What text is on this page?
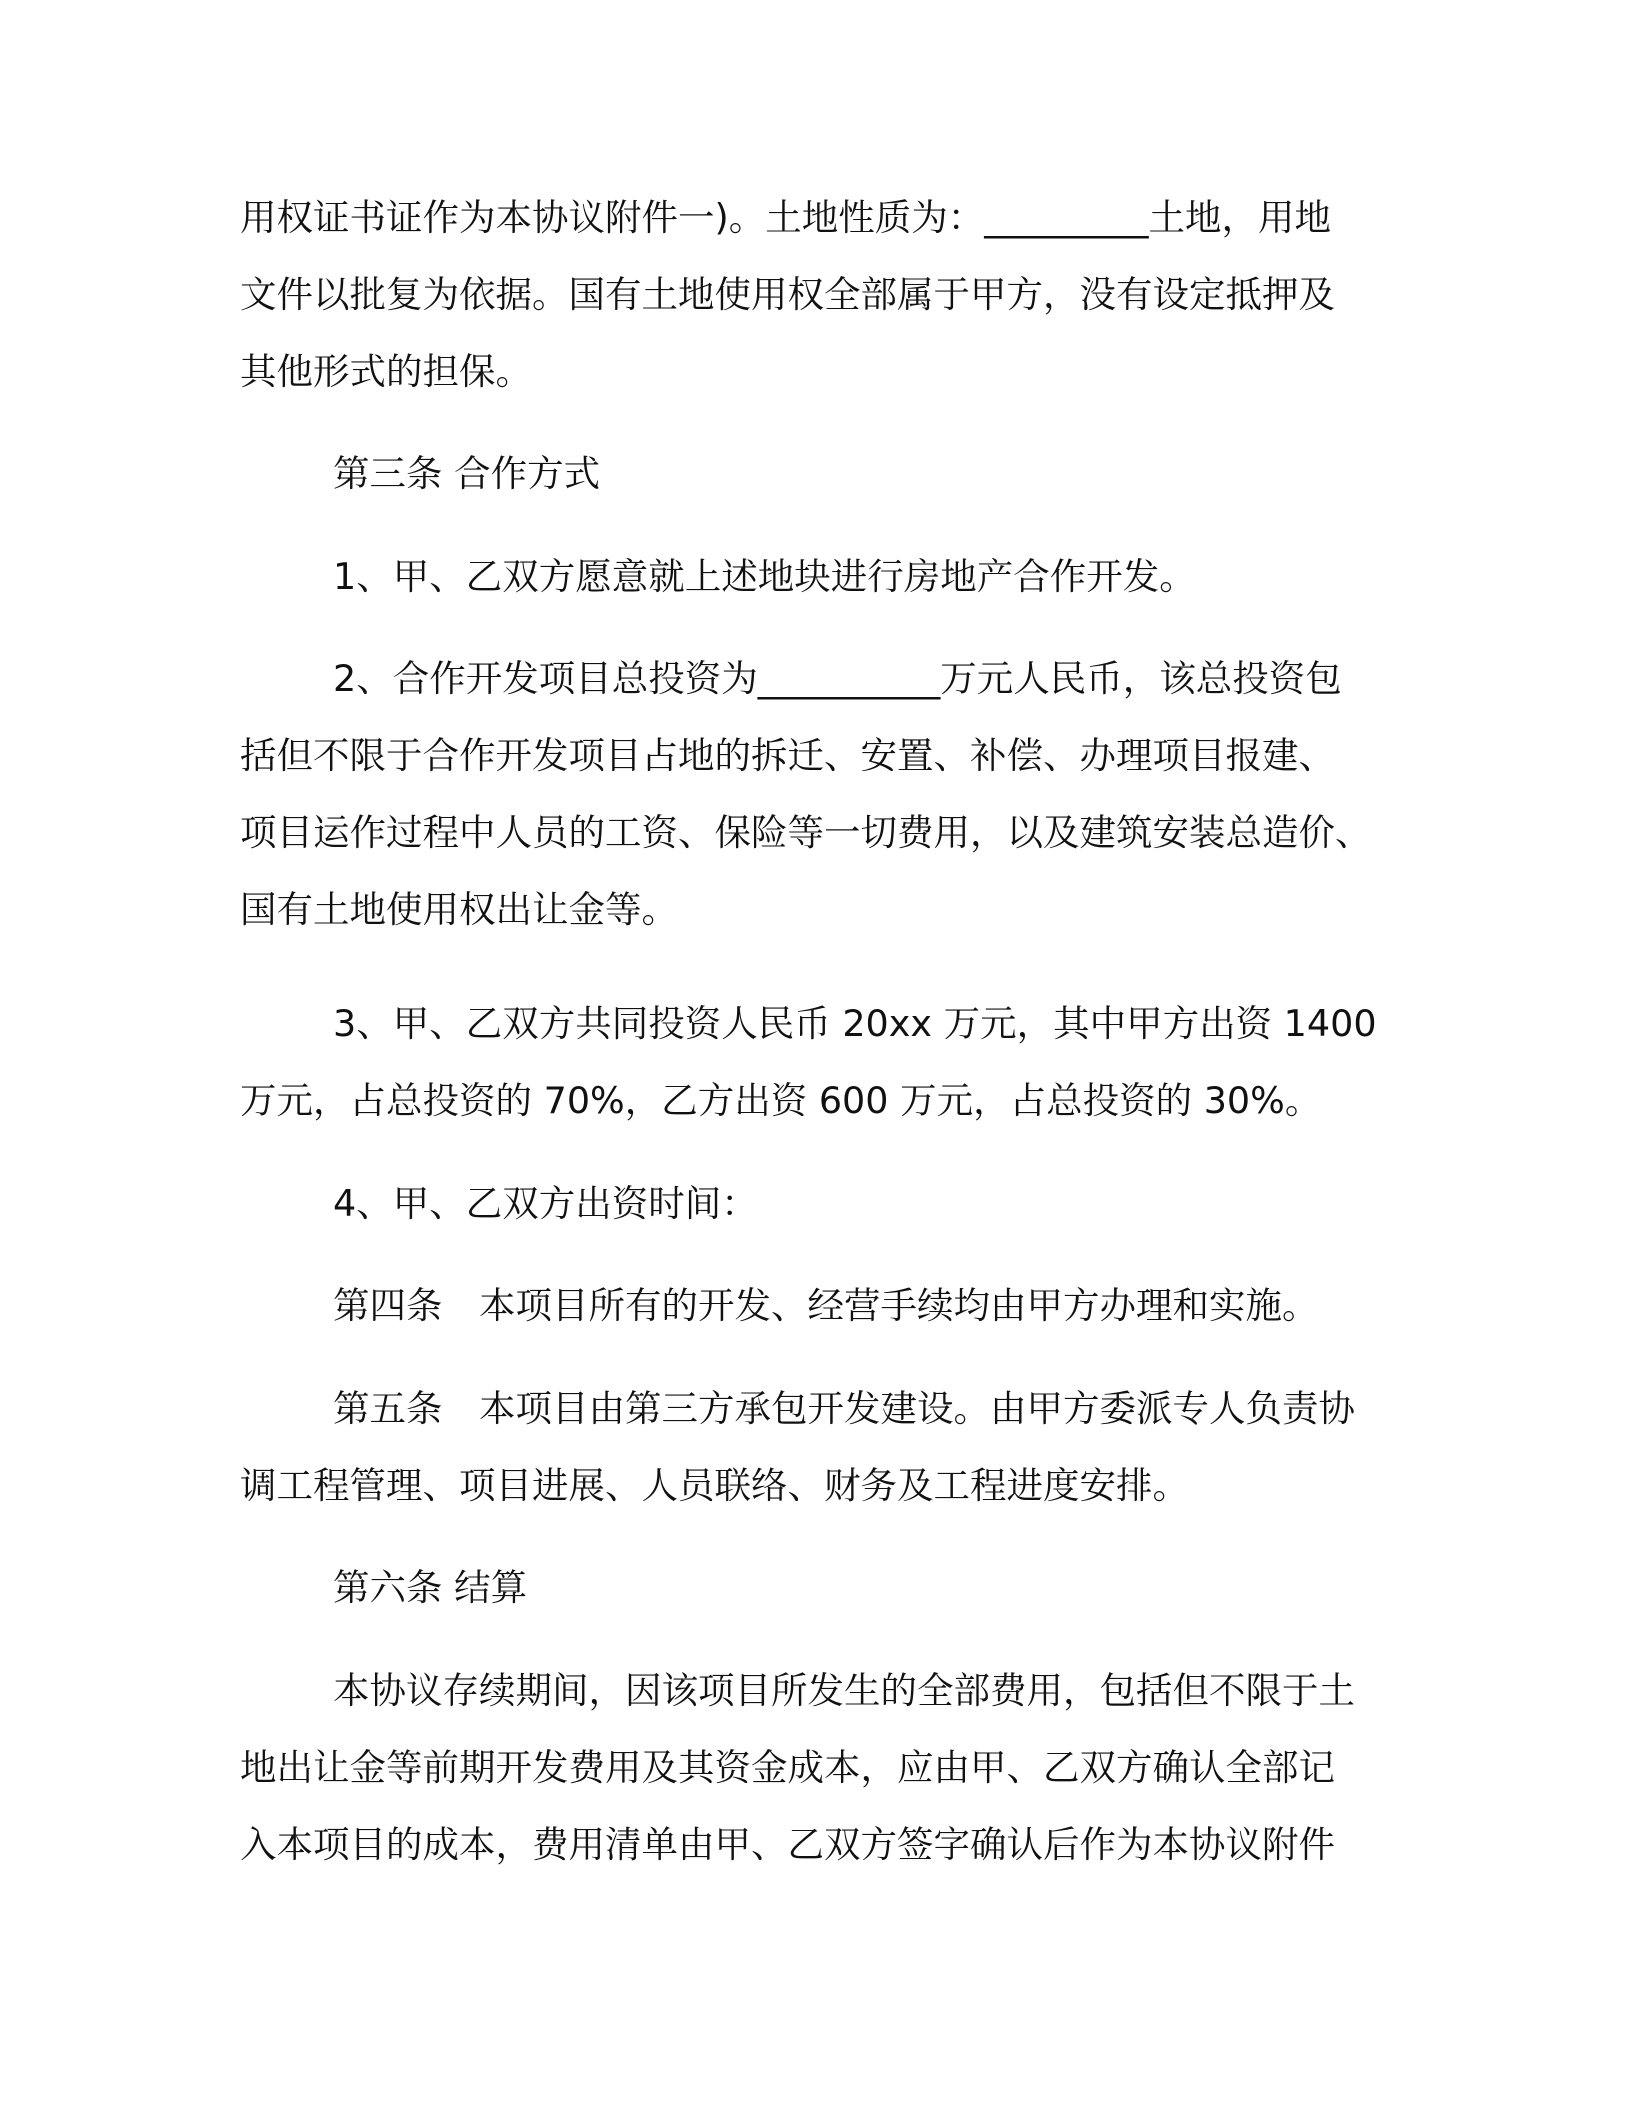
用权证书证作为本协议附件一)。土地性质为：_________土地，用地
文件以批复为依据。国有土地使用权全部属于甲方，没有设定抵押及
其他形式的担保。
第三条 合作方式
1、甲、乙双方愿意就上述地块进行房地产合作开发。
2、合作开发项目总投资为__________万元人民币，该总投资包
括但不限于合作开发项目占地的拆迁、安置、补偿、办理项目报建、
项目运作过程中人员的工资、保险等一切费用，以及建筑安装总造价、
国有土地使用权出让金等。
3、甲、乙双方共同投资人民币 20xx 万元，其中甲方出资 1400
万元，占总投资的 70%，乙方出资 600 万元，占总投资的 30%。
4、甲、乙双方出资时间：
第四条　本项目所有的开发、经营手续均由甲方办理和实施。
第五条　本项目由第三方承包开发建设。由甲方委派专人负责协
调工程管理、项目进展、人员联络、财务及工程进度安排。
第六条 结算
本协议存续期间，因该项目所发生的全部费用，包括但不限于土
地出让金等前期开发费用及其资金成本，应由甲、乙双方确认全部记
入本项目的成本，费用清单由甲、乙双方签字确认后作为本协议附件
